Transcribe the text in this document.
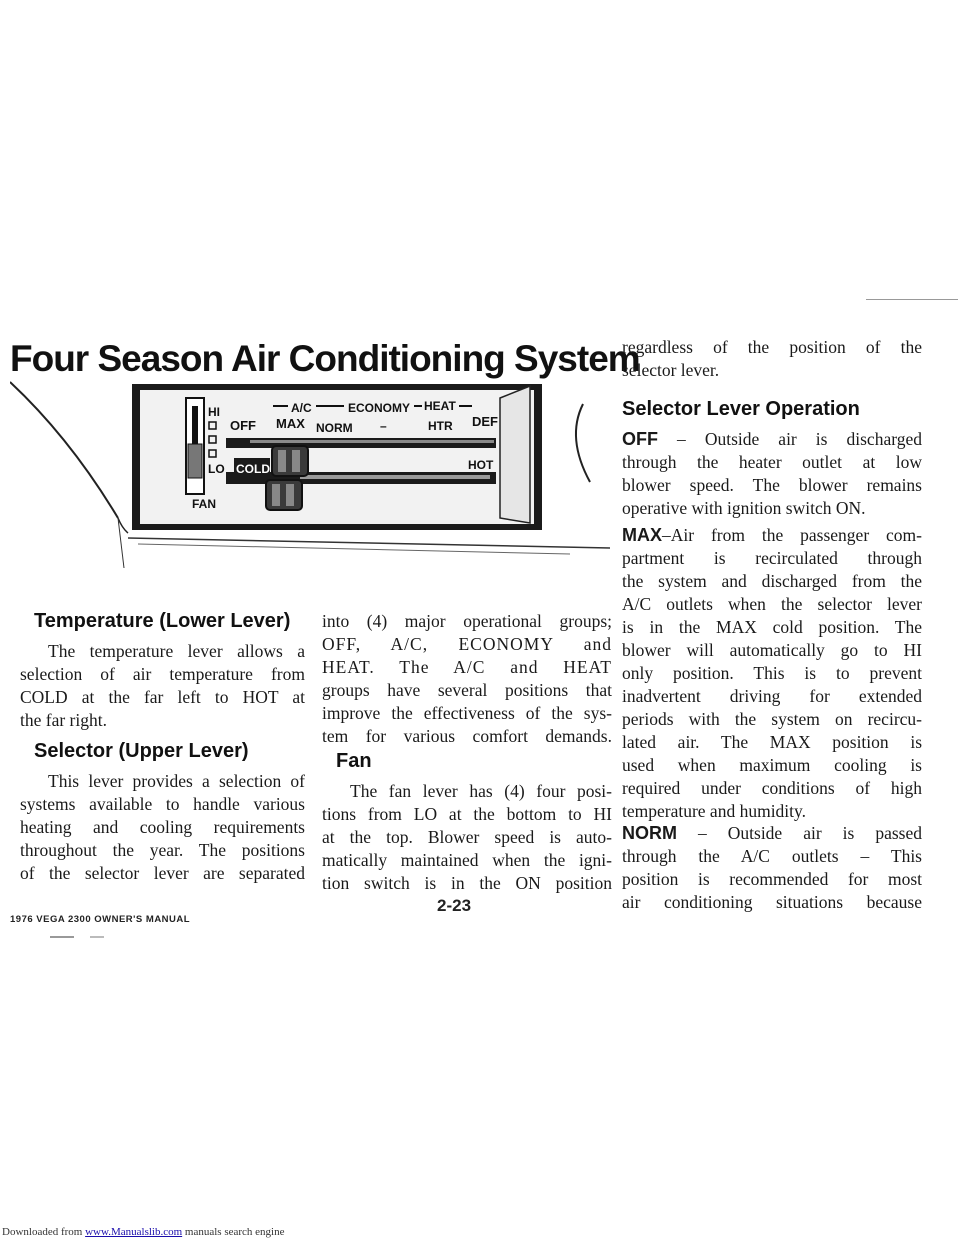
Downloaded from www.Manualslib.com manuals search engine
Four Season Air Conditioning System
HI
LO
FAN
A/C	ECONOMY HEAT
OFF MAX NORM –	HTR DEF
COLD	HOT
Temperature (Lower Lever)

The temperature lever allows a
selection of air temperature from
COLD at the far left to HOT at
the far right.

Selector (Upper Lever)

This lever provides a selection of
systems available to handle various
heating and cooling requirements
throughout the year. The positions
of the selector lever are separated

into (4) major operational groups;
OFF, A/C, ECONOMY and
HEAT. The A/C and HEAT
groups have several positions that
improve the effectiveness of the sys-
tem for various comfort demands.

Fan

The fan lever has (4) four posi-
tions from LO at the bottom to HI
at the top. Blower speed is auto-
matically maintained when the igni-
tion switch is in the ON position

regardless of the position of the
selector lever.

Selector Lever Operation

OFF – Outside air is discharged
through the heater outlet at low
blower speed. The blower remains
operative with ignition switch ON.

MAX–Air from the passenger com-
partment is recirculated through
the system and discharged from the
A/C outlets when the selector lever
is in the MAX cold position. The
blower will automatically go to HI
only position. This is to prevent
inadvertent driving for extended
periods with the system on recircu-
lated air. The MAX position is
used when maximum cooling is
required under conditions of high
temperature and humidity.

NORM – Outside air is passed
through the A/C outlets – This
position is recommended for most
air conditioning situations because

1976 VEGA 2300 OWNER'S MANUAL
2-23
